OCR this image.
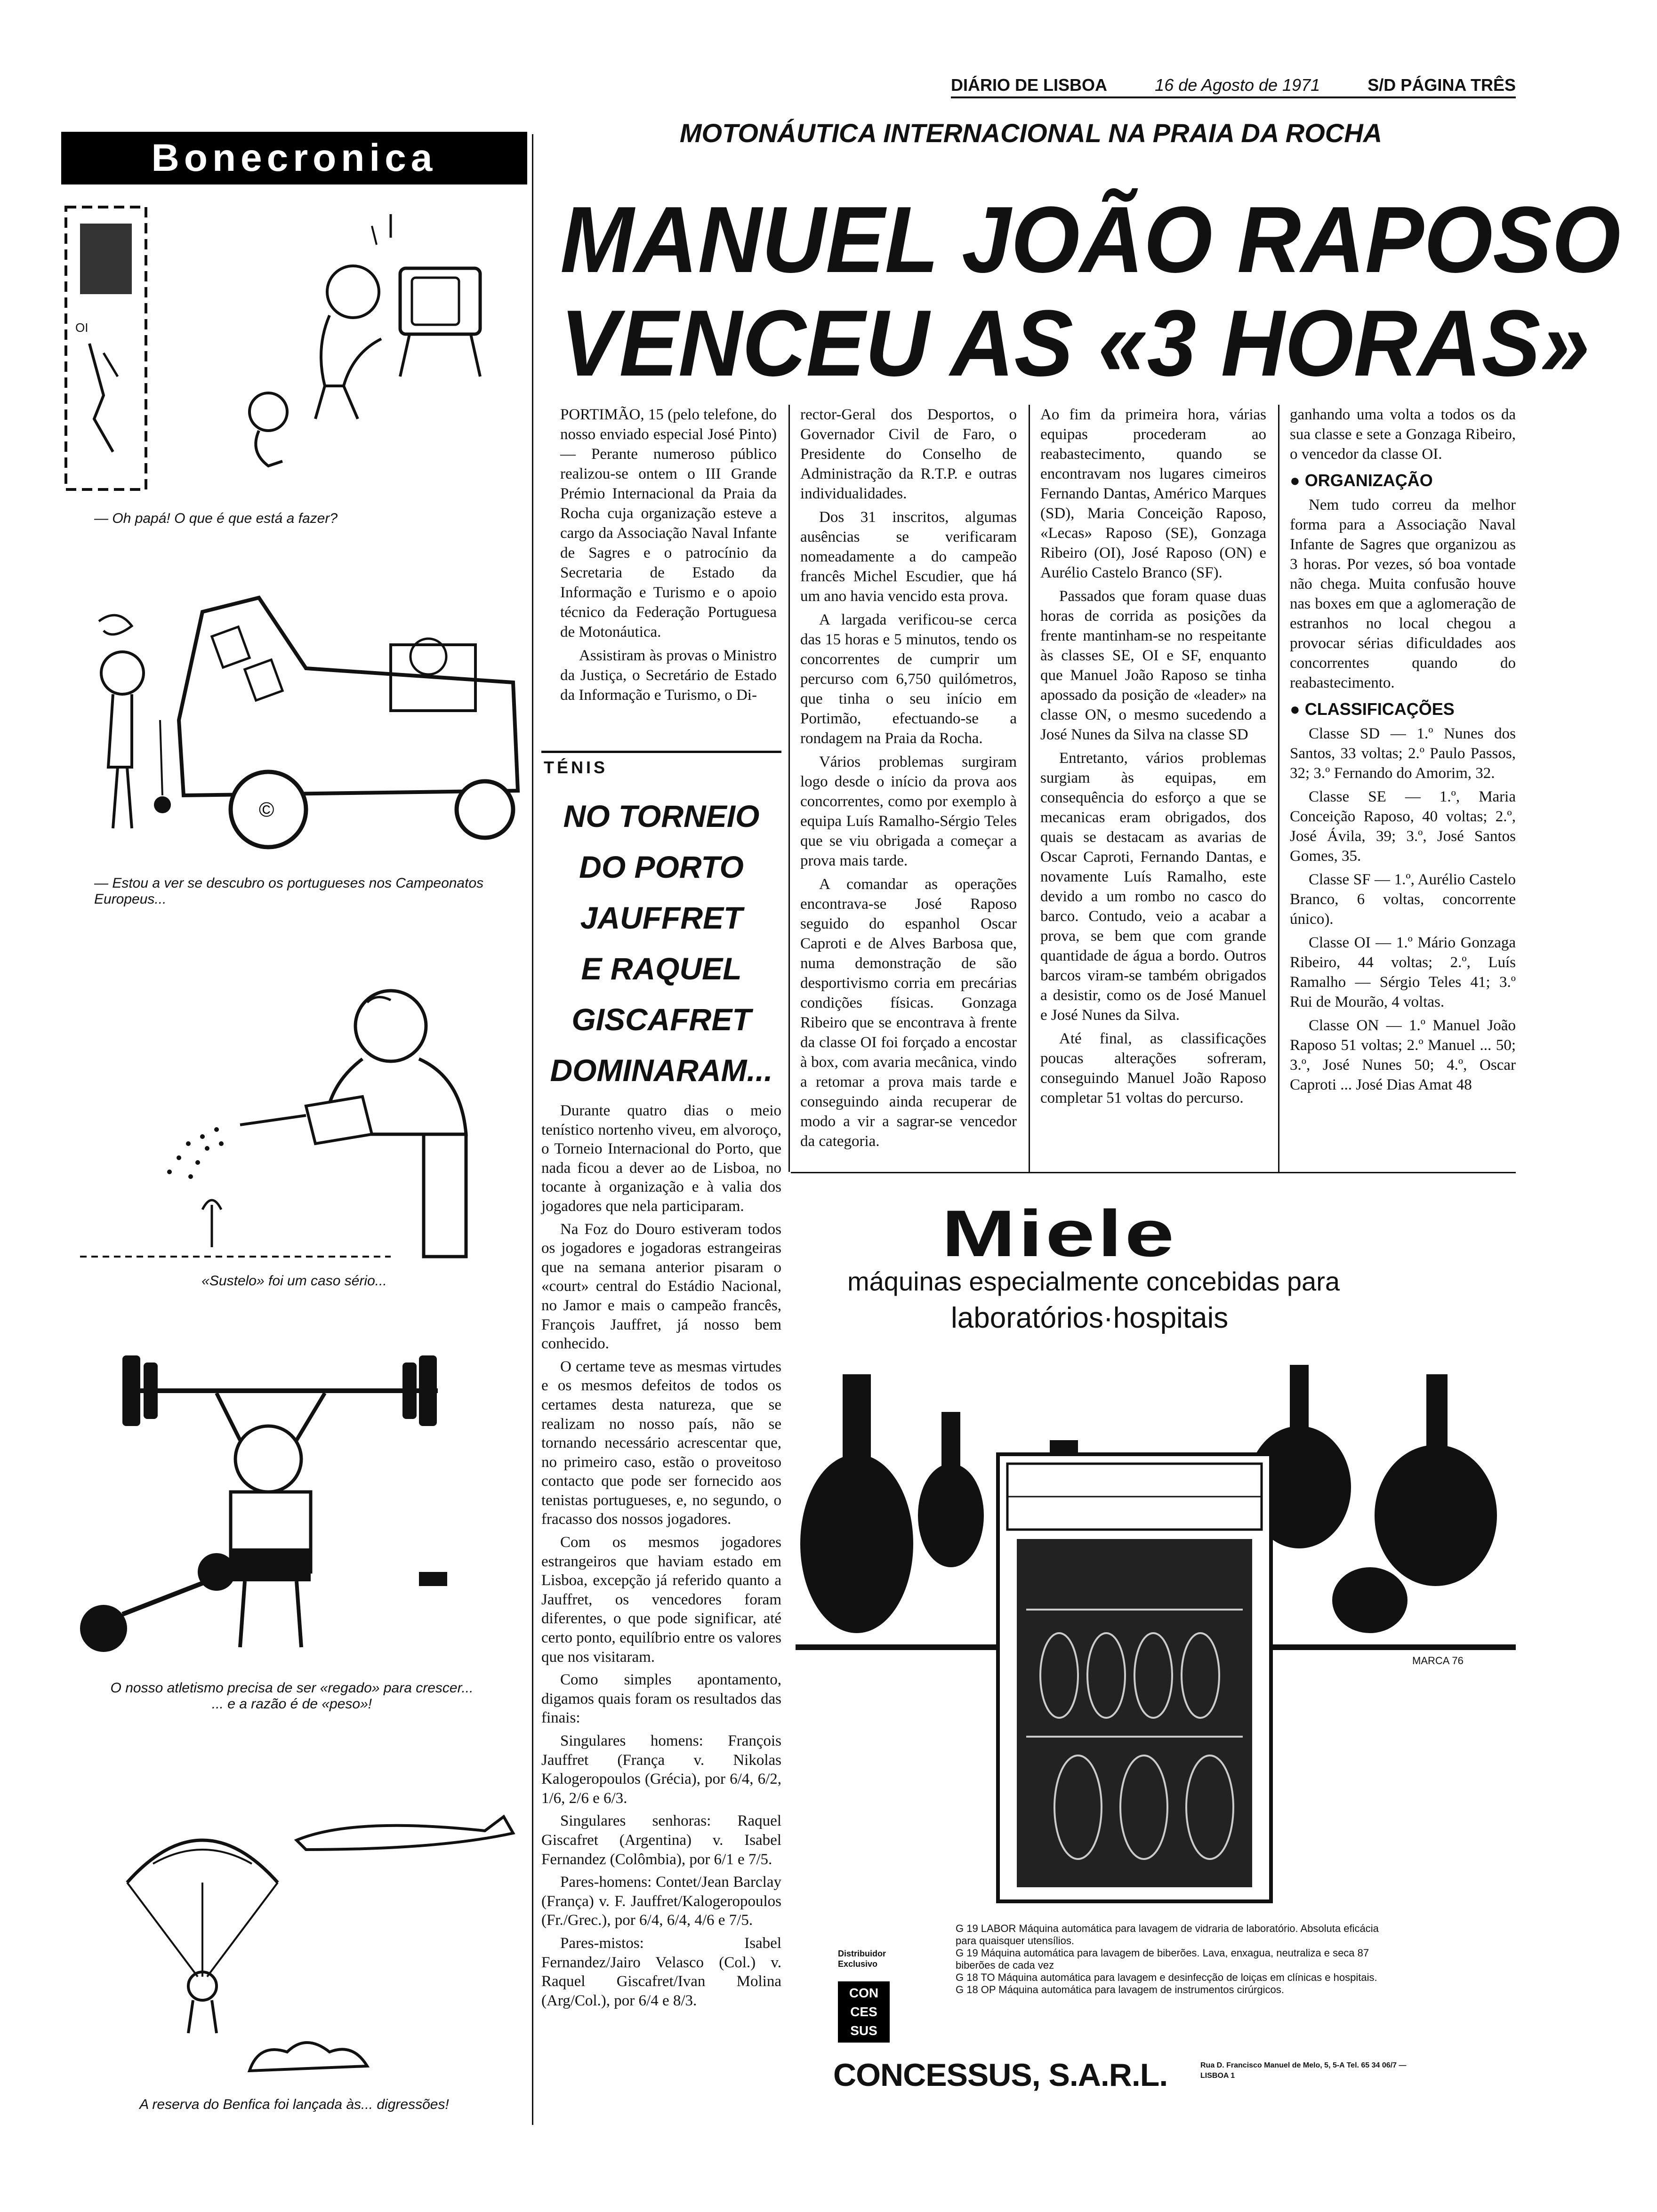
DIÁRIO DE LISBOA	16 de Agosto de 1971	S/D PÁGINA TRÊS
Bonecronica
OI
— Oh papá! O que é que está a fazer?
©
— Estou a ver se descubro os portugueses nos Campeonatos Europeus...
«Sustelo» foi um caso sério...
O nosso atletismo precisa de ser «regado» para crescer... ... e a razão é de «peso»!
A reserva do Benfica foi lançada às... digressões!
MOTONÁUTICA INTERNACIONAL NA PRAIA DA ROCHA
MANUEL JOÃO RAPOSO
VENCEU AS «3 HORAS»

PORTIMÃO, 15 (pelo telefone, do nosso enviado especial José Pinto) — Perante numeroso público realizou-se ontem o III Grande Prémio Internacional da Praia da Rocha cuja organização esteve a cargo da Associação Naval Infante de Sagres e o patrocínio da Secretaria de Estado da Informação e Turismo e o apoio técnico da Federação Portuguesa de Motonáutica.

Assistiram às provas o Ministro da Justiça, o Secretário de Estado da Informação e Turismo, o Di-

rector-Geral dos Desportos, o Governador Civil de Faro, o Presidente do Conselho de Administração da R.T.P. e outras individualidades.

Dos 31 inscritos, algumas ausências se verificaram nomeadamente a do campeão francês Michel Escudier, que há um ano havia vencido esta prova.

A largada verificou-se cerca das 15 horas e 5 minutos, tendo os concorrentes de cumprir um percurso com 6,750 quilómetros, que tinha o seu início em Portimão, efectuando-se a rondagem na Praia da Rocha.

Vários problemas surgiram logo desde o início da prova aos concorrentes, como por exemplo à equipa Luís Ramalho-Sérgio Teles que se viu obrigada a começar a prova mais tarde.

A comandar as operações encontrava-se José Raposo seguido do espanhol Oscar Caproti e de Alves Barbosa que, numa demonstração de são desportivismo corria em precárias condições físicas. Gonzaga Ribeiro que se encontrava à frente da classe OI foi forçado a encostar à box, com avaria mecânica, vindo a retomar a prova mais tarde e conseguindo ainda recuperar de modo a vir a sagrar-se vencedor da categoria.

Ao fim da primeira hora, várias equipas procederam ao reabastecimento, quando se encontravam nos lugares cimeiros Fernando Dantas, Américo Marques (SD), Maria Conceição Raposo, «Lecas» Raposo (SE), Gonzaga Ribeiro (OI), José Raposo (ON) e Aurélio Castelo Branco (SF).

Passados que foram quase duas horas de corrida as posições da frente mantinham-se no respeitante às classes SE, OI e SF, enquanto que Manuel João Raposo se tinha apossado da posição de «leader» na classe ON, o mesmo sucedendo a José Nunes da Silva na classe SD

Entretanto, vários problemas surgiam às equipas, em consequência do esforço a que se mecanicas eram obrigados, dos quais se destacam as avarias de Oscar Caproti, Fernando Dantas, e novamente Luís Ramalho, este devido a um rombo no casco do barco. Contudo, veio a acabar a prova, se bem que com grande quantidade de água a bordo. Outros barcos viram-se também obrigados a desistir, como os de José Manuel e José Nunes da Silva.

Até final, as classificações poucas alterações sofreram, conseguindo Manuel João Raposo completar 51 voltas do percurso.

ganhando uma volta a todos os da sua classe e sete a Gonzaga Ribeiro, o vencedor da classe OI.

● ORGANIZAÇÃO

Nem tudo correu da melhor forma para a Associação Naval Infante de Sagres que organizou as 3 horas. Por vezes, só boa vontade não chega. Muita confusão houve nas boxes em que a aglomeração de estranhos no local chegou a provocar sérias dificuldades aos concorrentes quando do reabastecimento.

● CLASSIFICAÇÕES

Classe SD — 1.º Nunes dos Santos, 33 voltas; 2.º Paulo Passos, 32; 3.º Fernando do Amorim, 32.

Classe SE — 1.º, Maria Conceição Raposo, 40 voltas; 2.º, José Ávila, 39; 3.º, José Santos Gomes, 35.

Classe SF — 1.º, Aurélio Castelo Branco, 6 voltas, concorrente único).

Classe OI — 1.º Mário Gonzaga Ribeiro, 44 voltas; 2.º, Luís Ramalho — Sérgio Teles 41; 3.º Rui de Mourão, 4 voltas.

Classe ON — 1.º Manuel João Raposo 51 voltas; 2.º Manuel ... 50; 3.º, José Nunes 50; 4.º, Oscar Caproti ... José Dias Amat 48

TÉNIS
NO TORNEIO
DO PORTO
JAUFFRET
E RAQUEL
GISCAFRET
DOMINARAM...

Durante quatro dias o meio tenístico nortenho viveu, em alvoroço, o Torneio Internacional do Porto, que nada ficou a dever ao de Lisboa, no tocante à organização e à valia dos jogadores que nela participaram.

Na Foz do Douro estiveram todos os jogadores e jogadoras estrangeiras que na semana anterior pisaram o «court» central do Estádio Nacional, no Jamor e mais o campeão francês, François Jauffret, já nosso bem conhecido.

O certame teve as mesmas virtudes e os mesmos defeitos de todos os certames desta natureza, que se realizam no nosso país, não se tornando necessário acrescentar que, no primeiro caso, estão o proveitoso contacto que pode ser fornecido aos tenistas portugueses, e, no segundo, o fracasso dos nossos jogadores.

Com os mesmos jogadores estrangeiros que haviam estado em Lisboa, excepção já referido quanto a Jauffret, os vencedores foram diferentes, o que pode significar, até certo ponto, equilíbrio entre os valores que nos visitaram.

Como simples apontamento, digamos quais foram os resultados das finais:

Singulares homens: François Jauffret (França v. Nikolas Kalogeropoulos (Grécia), por 6/4, 6/2, 1/6, 2/6 e 6/3.

Singulares senhoras: Raquel Giscafret (Argentina) v. Isabel Fernandez (Colômbia), por 6/1 e 7/5.

Pares-homens: Contet/Jean Barclay (França) v. F. Jauffret/Kalogeropoulos (Fr./Grec.), por 6/4, 6/4, 4/6 e 7/5.

Pares-mistos: Isabel Fernandez/Jairo Velasco (Col.) v. Raquel Giscafret/Ivan Molina (Arg/Col.), por 6/4 e 8/3.

Miele
máquinas especialmente concebidas para
laboratórios·hospitais
MARCA 76
G 19 LABOR Máquina automática para lavagem de vidraria de laboratório. Absoluta eficácia para quaisquer utensílios.
G 19 Máquina automática para lavagem de biberões. Lava, enxagua, neutraliza e seca 87 biberões de cada vez
G 18 TO Máquina automática para lavagem e desinfecção de loiças em clínicas e hospitais.
G 18 OP Máquina automática para lavagem de instrumentos cirúrgicos.
Distribuidor Exclusivo
CON CES SUS
CONCESSUS, S.A.R.L.	Rua D. Francisco Manuel de Melo, 5, 5-A Tel. 65 34 06/7 — LISBOA 1
